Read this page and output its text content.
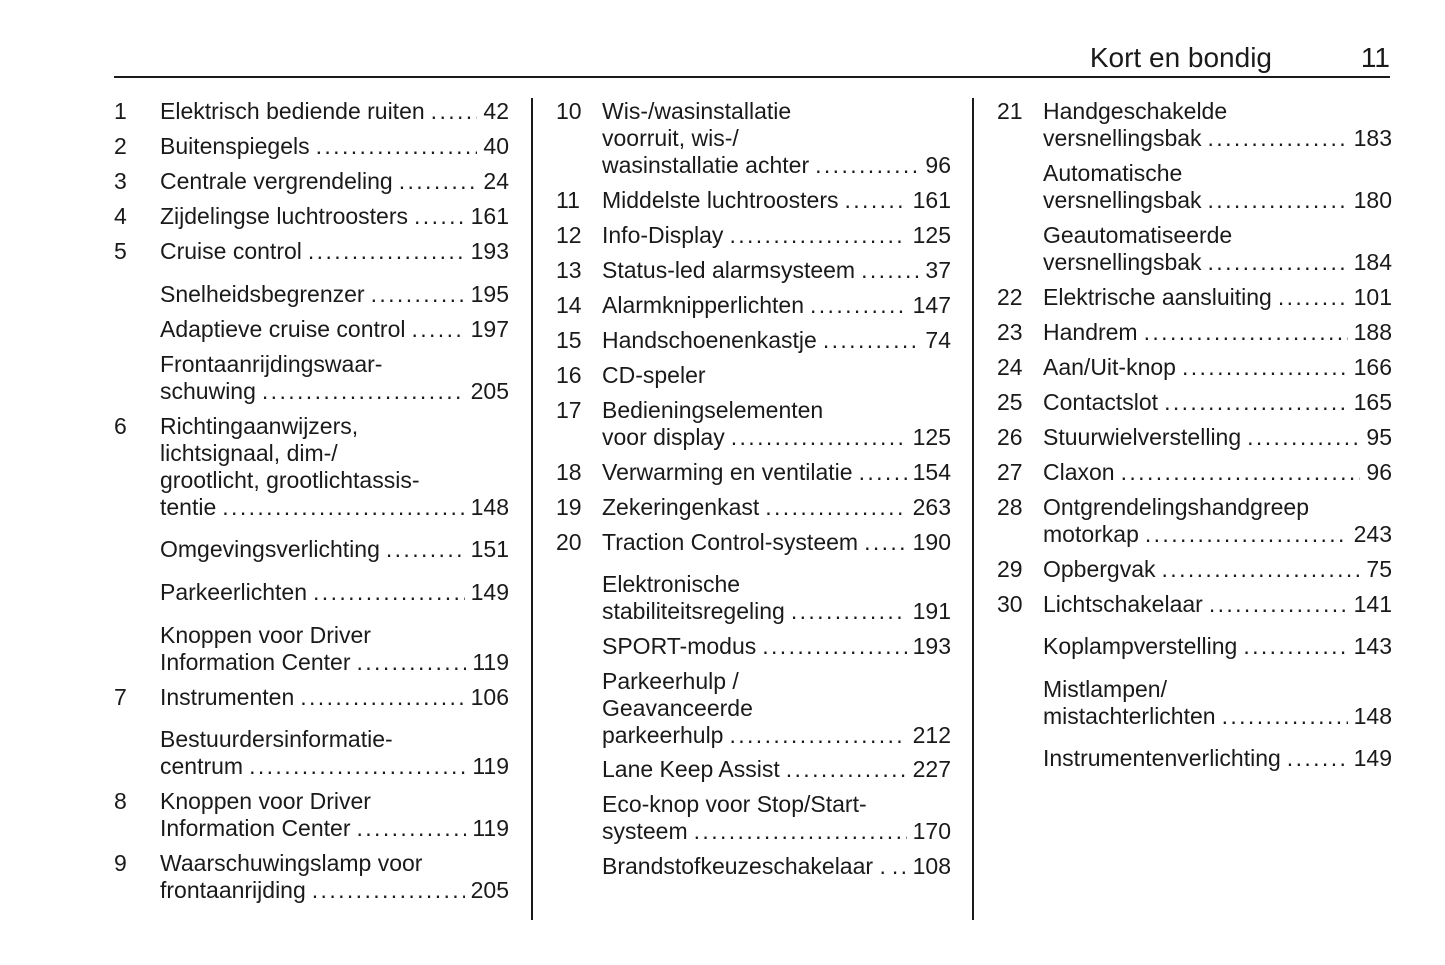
Kort en bondig	11
1 Elektrisch bediende ruiten . . .	42
2 Buitenspiegels . . .	40
3 Centrale vergrendeling . . .	24
4 Zijdelingse luchtroosters . . .	161
5 Cruise control . . .	193
Snelheidsbegrenzer . . .	195
Adaptieve cruise control . . .	197
Frontaanrijdingswaar-
schuwing . . .	205
6 Richtingaanwijzers,
lichtsignaal, dim-/
grootlicht, grootlichtassis-
tentie . . .	148
Omgevingsverlichting . . .	151
Parkeerlichten . . .	149
Knoppen voor Driver
Information Center . . .	119
7 Instrumenten . . .	106
Bestuurdersinformatie-
centrum . . .	119
8 Knoppen voor Driver
Information Center . . .	119
9 Waarschuwingslamp voor
frontaanrijding . . .	205
10 Wis-/wasinstallatie
voorruit, wis-/
wasinstallatie achter . . .	96
11 Middelste luchtroosters . . .	161
12 Info-Display . . .	125
13 Status-led alarmsysteem . . .	37
14 Alarmknipperlichten . . .	147
15 Handschoenenkastje . . .	74
16 CD-speler
17 Bedieningselementen
voor display . . .	125
18 Verwarming en ventilatie . . .	154
19 Zekeringenkast . . .	263
20 Traction Control-systeem . . . 190
Elektronische
stabiliteitsregeling . . .	191
SPORT-modus . . .	193
Parkeerhulp /
Geavanceerde
parkeerhulp . . .	212
Lane Keep Assist . . .	227
Eco-knop voor Stop/Start-
systeem . . .	170
Brandstofkeuzeschakelaar . . . . 108
21 Handgeschakelde
versnellingsbak . . .	183
Automatische
versnellingsbak . . .	180
Geautomatiseerde
versnellingsbak . . .	184
22 Elektrische aansluiting . . .	101
23 Handrem . . .	188
24 Aan/Uit-knop . . .	166
25 Contactslot . . .	165
26 Stuurwielverstelling . . .	95
27 Claxon . . .	96
28 Ontgrendelingshandgreep
motorkap . . .	243
29 Opbergvak . . .	75
30 Lichtschakelaar . . .	141
Koplampverstelling . . .	143
Mistlampen/
mistachterlichten . . .	148
Instrumentenverlichting . . .	149
